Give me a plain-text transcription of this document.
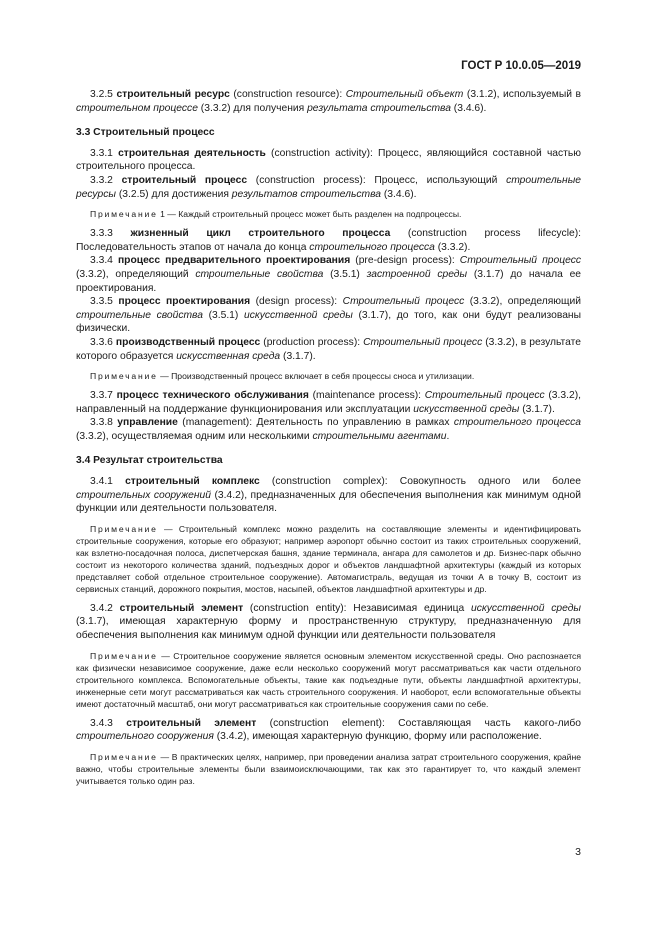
ГОСТ Р 10.0.05—2019

3.2.5 строительный ресурс (construction resource): Строительный объект (3.1.2), используемый в строительном процессе (3.3.2) для получения результата строительства (3.4.6).

3.3 Строительный процесс

3.3.1 строительная деятельность (construction activity): Процесс, являющийся составной частью строительного процесса.

3.3.2 строительный процесс (construction process): Процесс, использующий строительные ресурсы (3.2.5) для достижения результатов строительства (3.4.6).

Примечание 1 — Каждый строительный процесс может быть разделен на подпроцессы.

3.3.3 жизненный цикл строительного процесса (construction process lifecycle): Последовательность этапов от начала до конца строительного процесса (3.3.2).

3.3.4 процесс предварительного проектирования (pre-design process): Строительный процесс (3.3.2), определяющий строительные свойства (3.5.1) застроенной среды (3.1.7) до начала ее проектирования.

3.3.5 процесс проектирования (design process): Строительный процесс (3.3.2), определяющий строительные свойства (3.5.1) искусственной среды (3.1.7), до того, как они будут реализованы физически.

3.3.6 производственный процесс (production process): Строительный процесс (3.3.2), в результате которого образуется искусственная среда (3.1.7).

Примечание — Производственный процесс включает в себя процессы сноса и утилизации.

3.3.7 процесс технического обслуживания (maintenance process): Строительный процесс (3.3.2), направленный на поддержание функционирования или эксплуатации искусственной среды (3.1.7).

3.3.8 управление (management): Деятельность по управлению в рамках строительного процесса (3.3.2), осуществляемая одним или несколькими строительными агентами.

3.4 Результат строительства

3.4.1 строительный комплекс (construction complex): Совокупность одного или более строительных сооружений (3.4.2), предназначенных для обеспечения выполнения как минимум одной функции или деятельности пользователя.

Примечание — Строительный комплекс можно разделить на составляющие элементы и идентифицировать строительные сооружения, которые его образуют; например аэропорт обычно состоит из таких строительных сооружений, как взлетно-посадочная полоса, диспетчерская башня, здание терминала, ангара для самолетов и др. Бизнес-парк обычно состоит из некоторого количества зданий, подъездных дорог и объектов ландшафтной архитектуры (каждый из которых представляет собой отдельное строительное сооружение). Автомагистраль, ведущая из точки А в точку В, состоит из сервисных станций, дорожного покрытия, мостов, насыпей, объектов ландшафтной архитектуры и др.

3.4.2 строительный элемент (construction entity): Независимая единица искусственной среды (3.1.7), имеющая характерную форму и пространственную структуру, предназначенную для обеспечения выполнения как минимум одной функции или деятельности пользователя

Примечание — Строительное сооружение является основным элементом искусственной среды. Оно распознается как физически независимое сооружение, даже если несколько сооружений могут рассматриваться как части отдельного строительного комплекса. Вспомогательные объекты, такие как подъездные пути, объекты ландшафтной архитектуры, инженерные сети могут рассматриваться как часть строительного сооружения. И наоборот, если вспомогательные объекты имеют достаточный масштаб, они могут рассматриваться как строительные сооружения сами по себе.

3.4.3 строительный элемент (construction element): Составляющая часть какого-либо строительного сооружения (3.4.2), имеющая характерную функцию, форму или расположение.

Примечание — В практических целях, например, при проведении анализа затрат строительного сооружения, крайне важно, чтобы строительные элементы были взаимоисключающими, так как это гарантирует то, что каждый элемент учитывается только один раз.

3
